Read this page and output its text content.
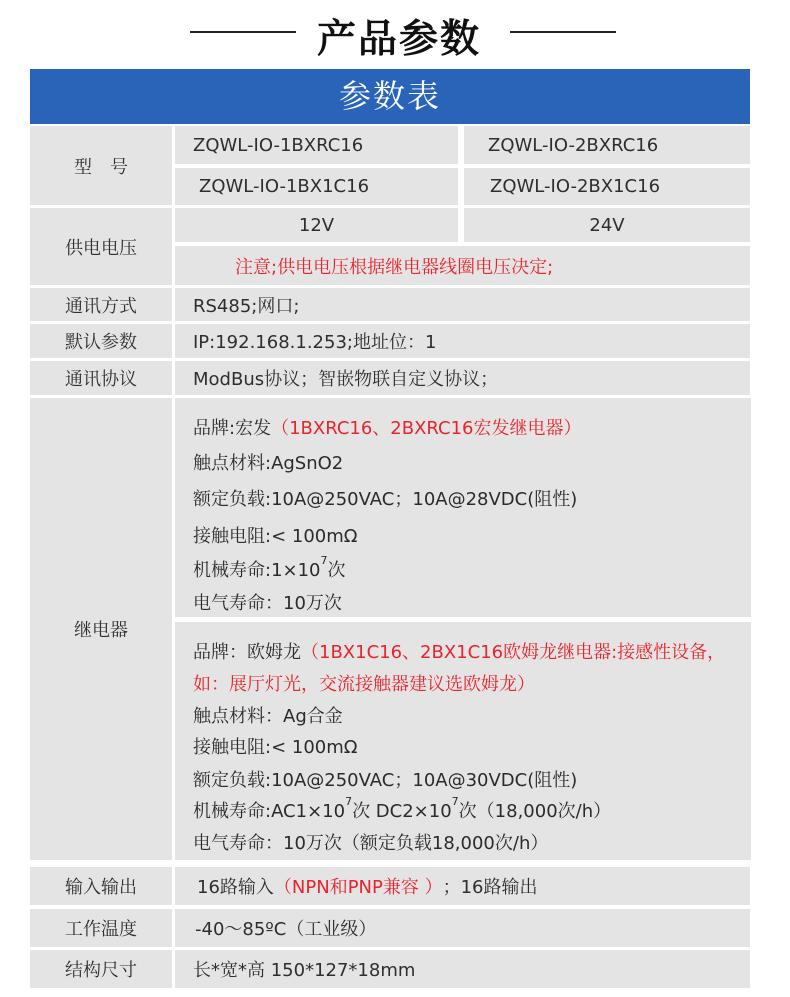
产品参数
参数表
型　号
ZQWL-IO-1BXRC16	ZQWL-IO-2BXRC16
ZQWL-IO-1BX1C16	ZQWL-IO-2BX1C16
供电电压
12V	24V
注意;供电电压根据继电器线圈电压决定;
通讯方式	RS485;网口;
默认参数	IP:192.168.1.253;地址位：1
通讯协议	ModBus协议；智嵌物联自定义协议；
继电器
品牌:宏发（1BXRC16、2BXRC16宏发继电器）
触点材料:AgSnO2
额定负载:10A@250VAC；10A@28VDC(阻性)
接触电阻:< 100mΩ
机械寿命$:1\times 10^7$次
电气寿命：10万次
品牌：欧姆龙（1BX1C16、2BX1C16欧姆龙继电器:接感性设备，
如：展厅灯光，交流接触器建议选欧姆龙）
触点材料：Ag合金
接触电阻:< 100mΩ
额定负载:10A@250VAC；10A@30VDC(阻性)
机械寿命$:AC1\times 10^7$次 $DC2\times 10^7$次（18,000次/h）
电气寿命：10万次（额定负载18,000次/h）
输入输出	16路输入 （NPN和PNP兼容 ） ；16路输出
工作温度	-40～85ºC（工业级）
结构尺寸	长*宽*高 150*127*18mm
